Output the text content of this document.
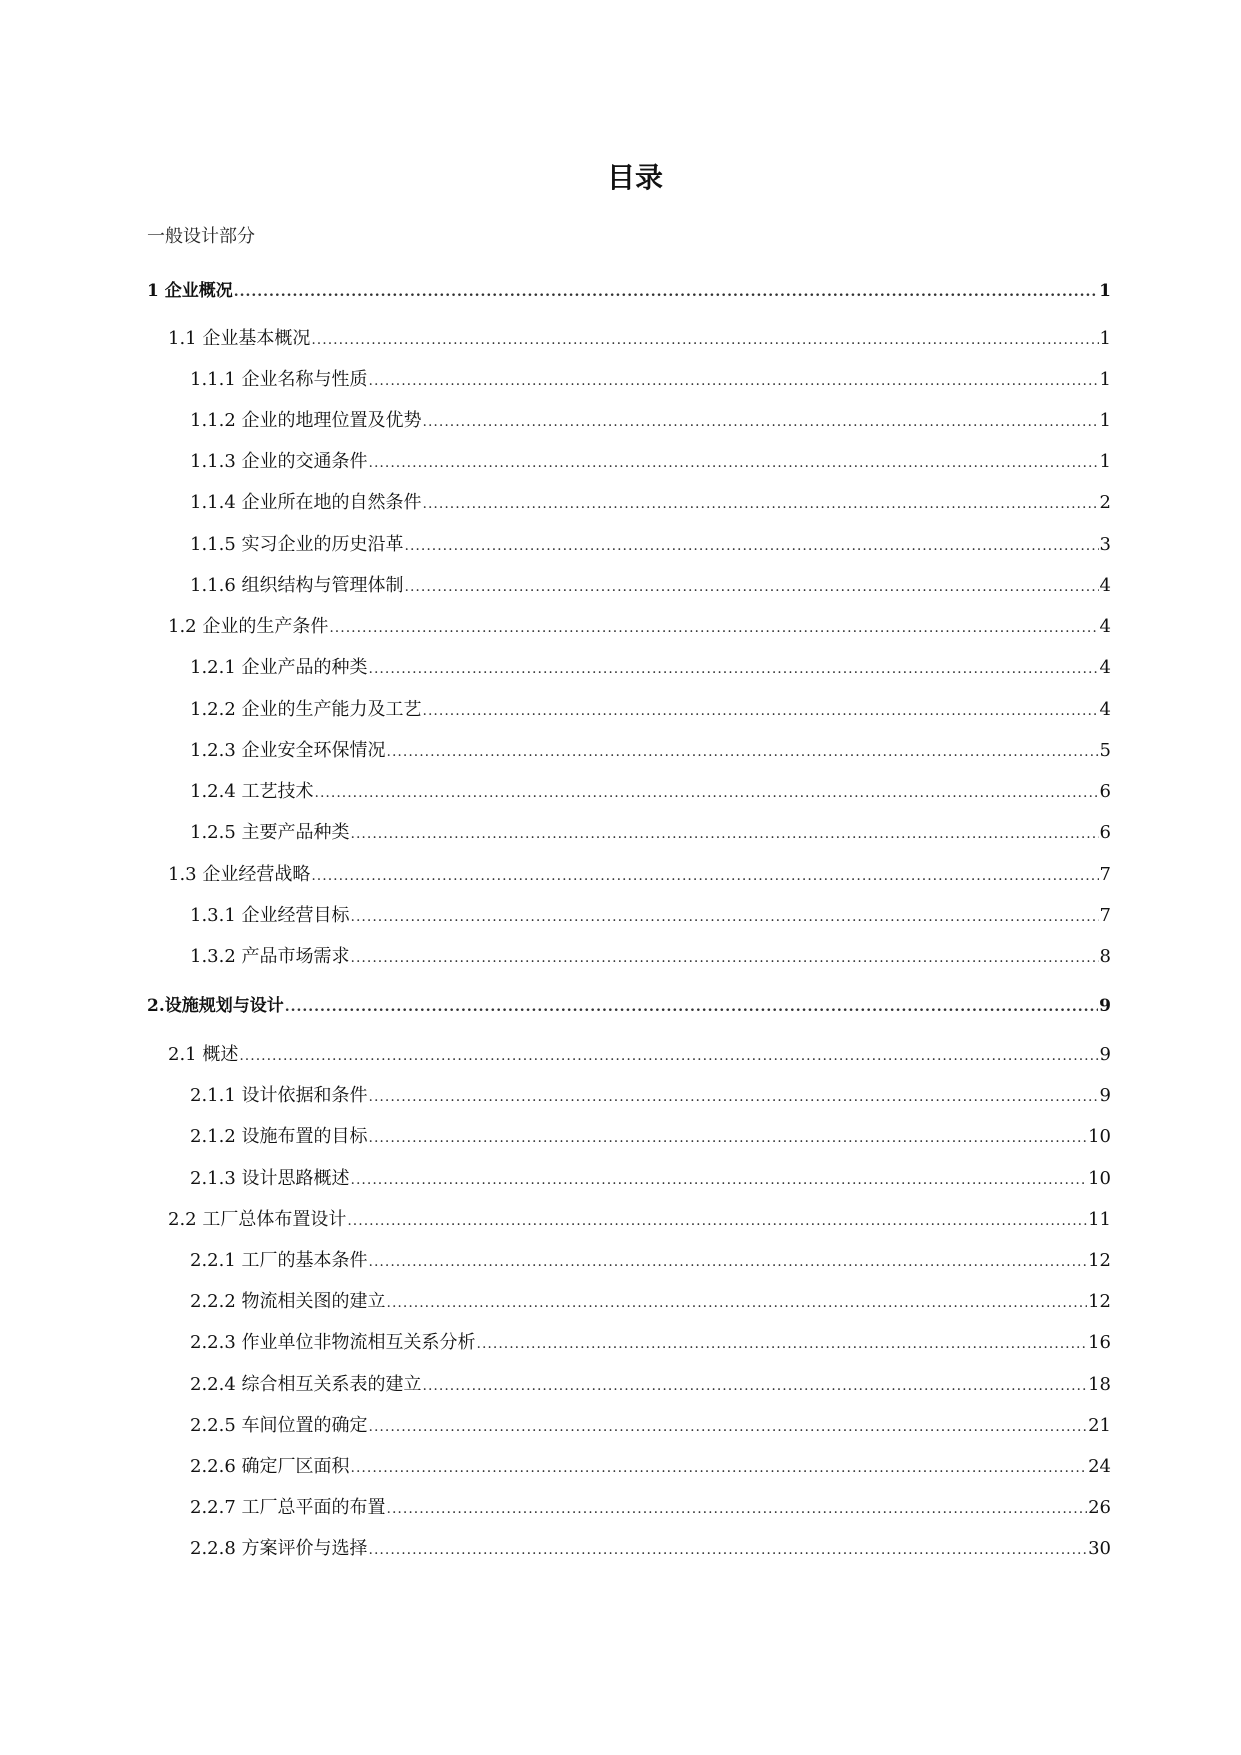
目录
一般设计部分
1 企业概况 .....	1
1.1 企业基本概况 .....	1
1.1.1 企业名称与性质 .....	1
1.1.2 企业的地理位置及优势 .....	1
1.1.3 企业的交通条件 .....	1
1.1.4 企业所在地的自然条件 .....	2
1.1.5 实习企业的历史沿革 .....	3
1.1.6 组织结构与管理体制 .....	4
1.2 企业的生产条件 .....	4
1.2.1 企业产品的种类 .....	4
1.2.2 企业的生产能力及工艺 .....	4
1.2.3 企业安全环保情况 .....	5
1.2.4 工艺技术 .....	6
1.2.5 主要产品种类 .....	6
1.3 企业经营战略 .....	7
1.3.1 企业经营目标 .....	7
1.3.2 产品市场需求 .....	8
2.设施规划与设计 .....	9
2.1 概述 .....	9
2.1.1 设计依据和条件 .....	9
2.1.2 设施布置的目标 .....	10
2.1.3 设计思路概述 .....	10
2.2 工厂总体布置设计 .....	11
2.2.1 工厂的基本条件 .....	12
2.2.2 物流相关图的建立 .....	12
2.2.3 作业单位非物流相互关系分析 .....	16
2.2.4 综合相互关系表的建立 .....	18
2.2.5 车间位置的确定 .....	21
2.2.6 确定厂区面积 .....	24
2.2.7 工厂总平面的布置 .....	26
2.2.8 方案评价与选择 .....	30
